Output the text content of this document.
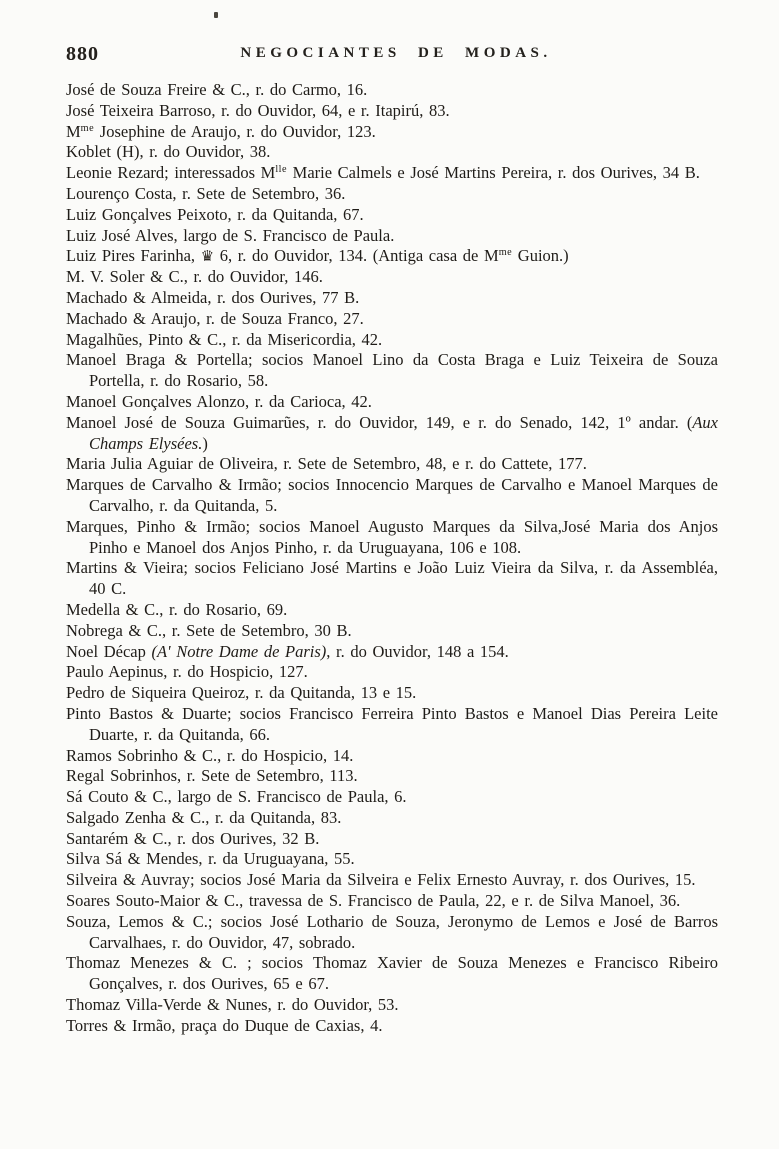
880	NEGOCIANTES DE MODAS.
José de Souza Freire & C., r. do Carmo, 16.
José Teixeira Barroso, r. do Ouvidor, 64, e r. Itapirú, 83.
$M^{me}$ Josephine de Araujo, r. do Ouvidor, 123.
Koblet (H), r. do Ouvidor, 38.
Leonie Rezard; interessados $M^{lle}$ Marie Calmels e José Martins Pereira, r. dos Ourives, 34 B.
Lourenço Costa, r. Sete de Setembro, 36.
Luiz Gonçalves Peixoto, r. da Quitanda, 67.
Luiz José Alves, largo de S. Francisco de Paula.
Luiz Pires Farinha, ♛ 6, r. do Ouvidor, 134. (Antiga casa de $M^{me}$ Guion.)
M. V. Soler & C., r. do Ouvidor, 146.
Machado & Almeida, r. dos Ourives, 77 B.
Machado & Araujo, r. de Souza Franco, 27.
Magalhũes, Pinto & C., r. da Misericordia, 42.
Manoel Braga & Portella; socios Manoel Lino da Costa Braga e Luiz Teixeira de Souza Portella, r. do Rosario, 58.
Manoel Gonçalves Alonzo, r. da Carioca, 42.
Manoel José de Souza Guimarũes, r. do Ouvidor, 149, e r. do Senado, 142, 1º andar. (Aux Champs Elysées.)
Maria Julia Aguiar de Oliveira, r. Sete de Setembro, 48, e r. do Cattete, 177.
Marques de Carvalho & Irmão; socios Innocencio Marques de Carvalho e Manoel Marques de Carvalho, r. da Quitanda, 5.
Marques, Pinho & Irmão; socios Manoel Augusto Marques da Silva,José Maria dos Anjos Pinho e Manoel dos Anjos Pinho, r. da Uruguayana, 106 e 108.
Martins & Vieira; socios Feliciano José Martins e João Luiz Vieira da Silva, r. da Assembléa, 40 C.
Medella & C., r. do Rosario, 69.
Nobrega & C., r. Sete de Setembro, 30 B.
Noel Décap (A' Notre Dame de Paris), r. do Ouvidor, 148 a 154.
Paulo Aepinus, r. do Hospicio, 127.
Pedro de Siqueira Queiroz, r. da Quitanda, 13 e 15.
Pinto Bastos & Duarte; socios Francisco Ferreira Pinto Bastos e Manoel Dias Pereira Leite Duarte, r. da Quitanda, 66.
Ramos Sobrinho & C., r. do Hospicio, 14.
Regal Sobrinhos, r. Sete de Setembro, 113.
Sá Couto & C., largo de S. Francisco de Paula, 6.
Salgado Zenha & C., r. da Quitanda, 83.
Santarém & C., r. dos Ourives, 32 B.
Silva Sá & Mendes, r. da Uruguayana, 55.
Silveira & Auvray; socios José Maria da Silveira e Felix Ernesto Auvray, r. dos Ourives, 15.
Soares Souto-Maior & C., travessa de S. Francisco de Paula, 22, e r. de Silva Manoel, 36.
Souza, Lemos & C.; socios José Lothario de Souza, Jeronymo de Lemos e José de Barros Carvalhaes, r. do Ouvidor, 47, sobrado.
Thomaz Menezes & C. ; socios Thomaz Xavier de Souza Menezes e Francisco Ribeiro Gonçalves, r. dos Ourives, 65 e 67.
Thomaz Villa-Verde & Nunes, r. do Ouvidor, 53.
Torres & Irmão, praça do Duque de Caxias, 4.
